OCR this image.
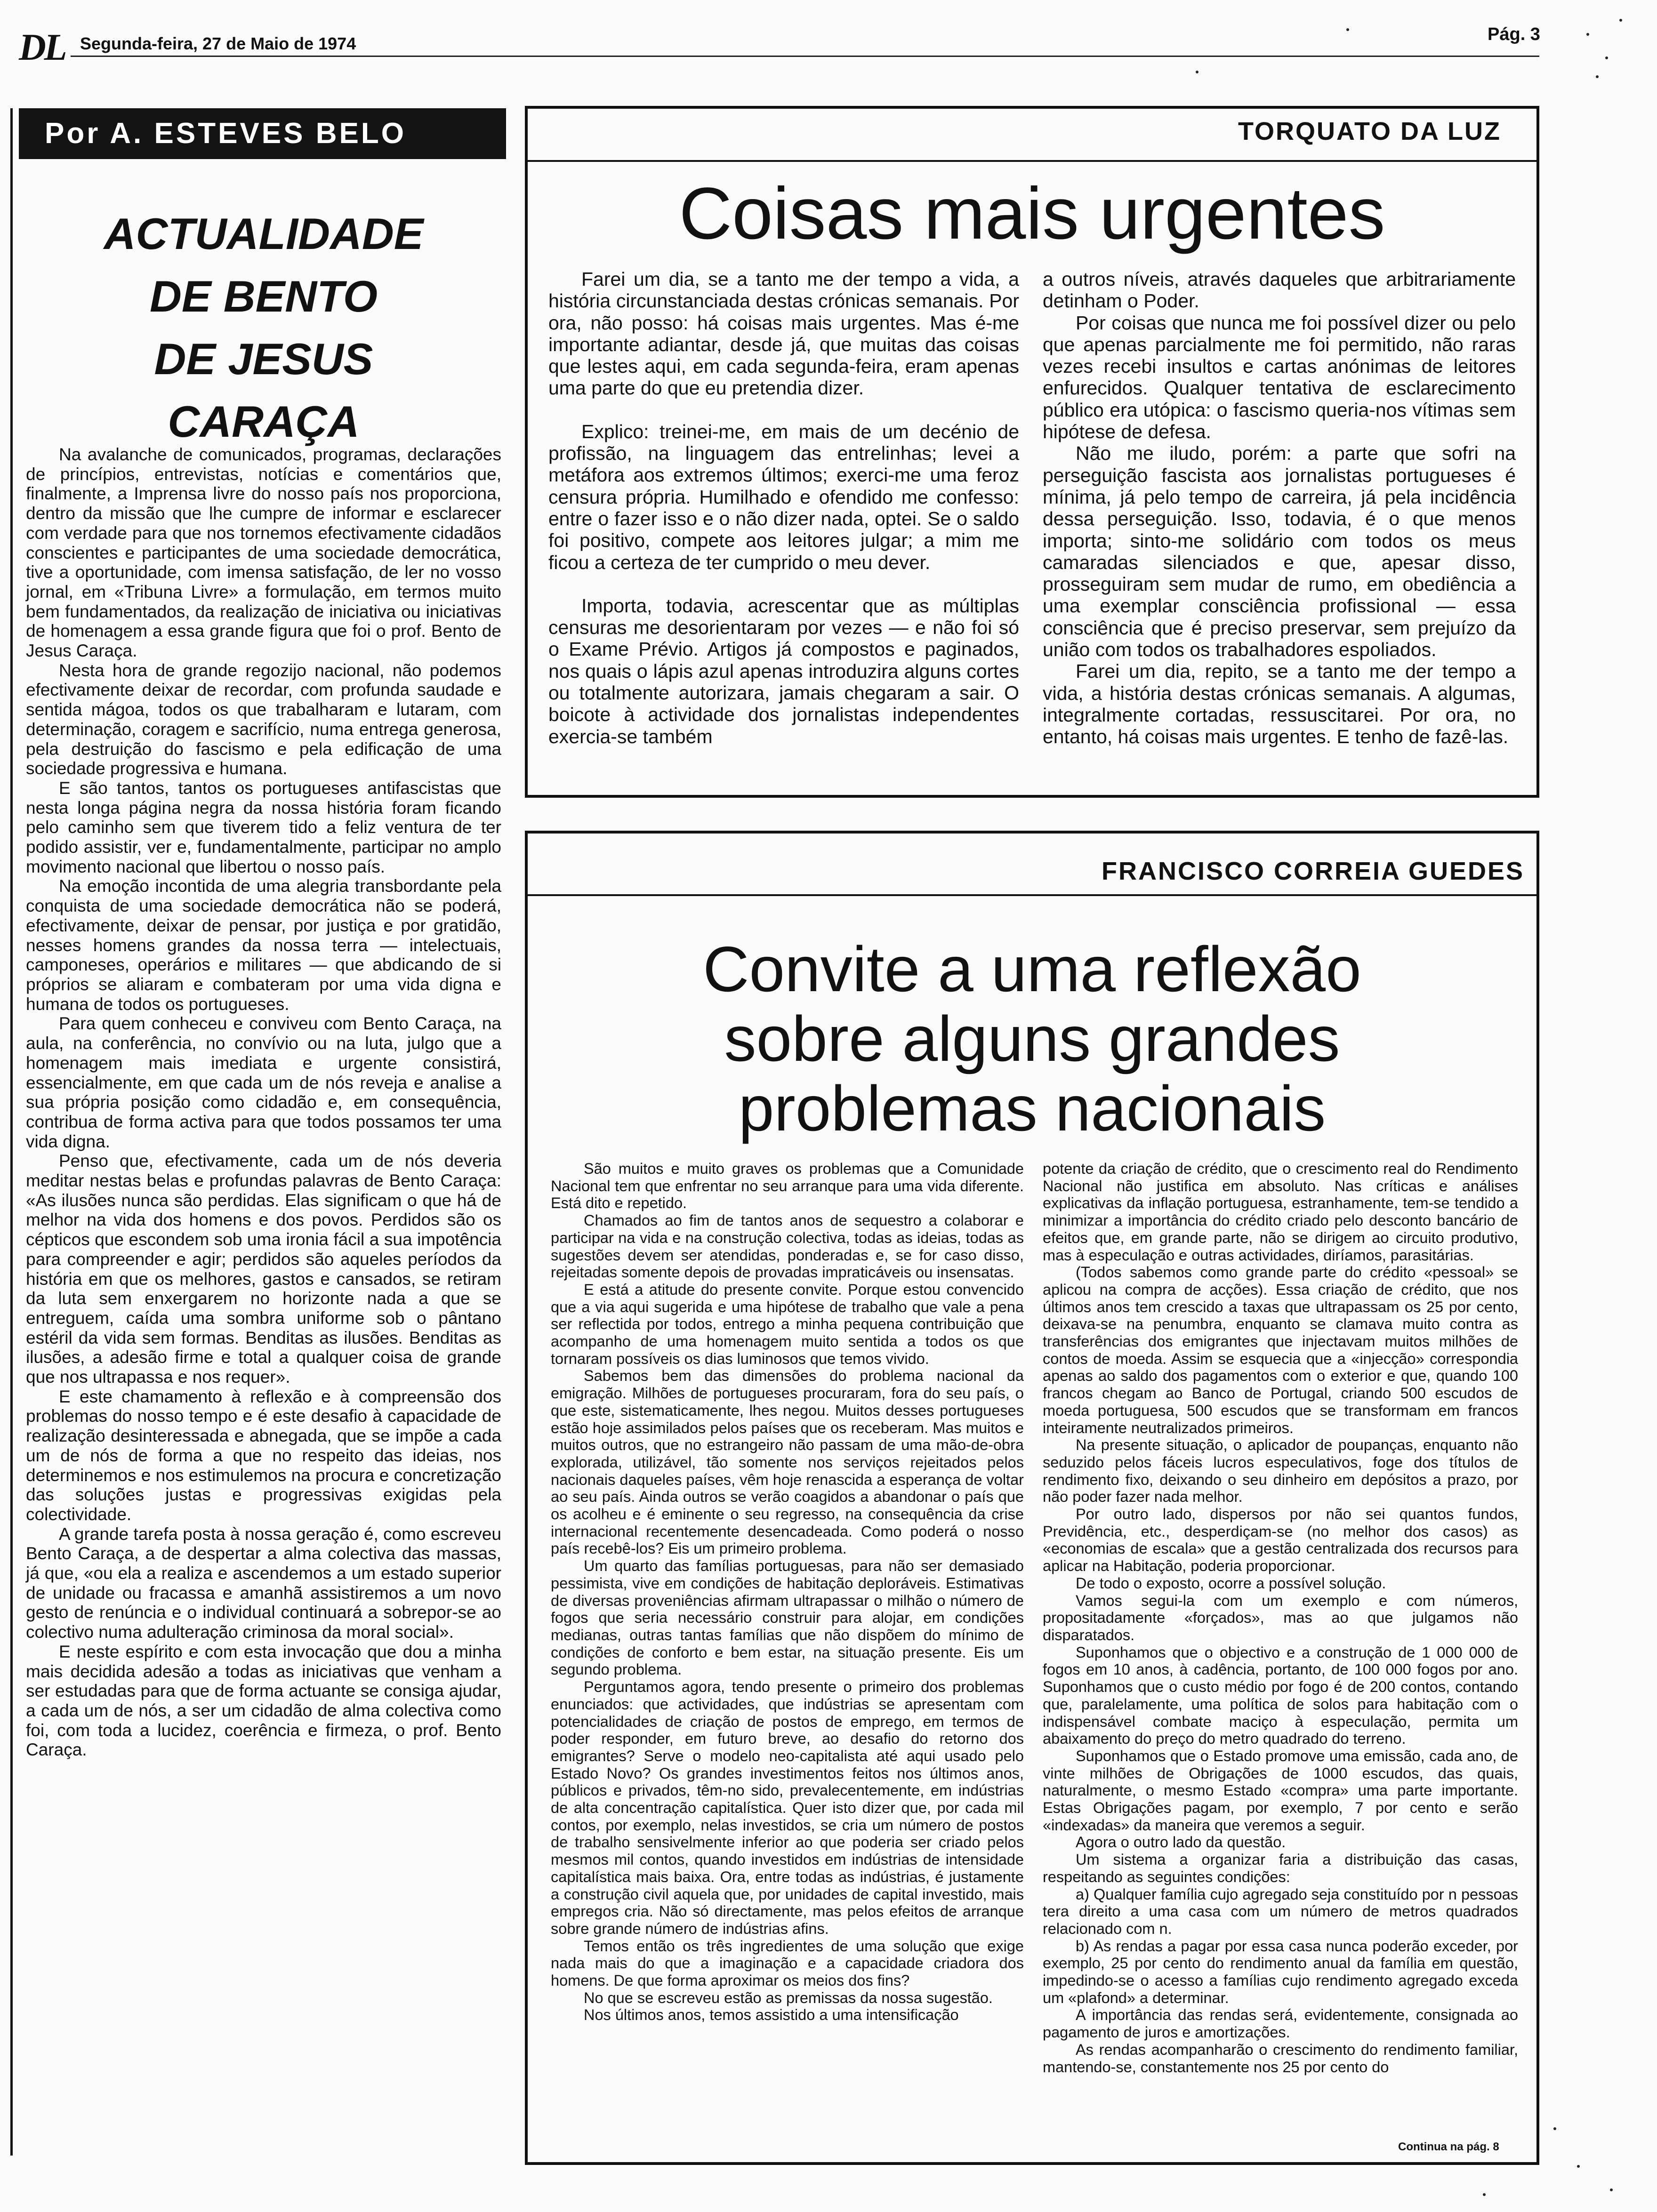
DL Segunda-feira, 27 de Maio de 1974	Pág. 3
Por A. ESTEVES BELO
ACTUALIDADE
DE BENTO
DE JESUS
CARAÇA

Na avalanche de comunicados, programas, declarações de princípios, entrevistas, notícias e comentários que, finalmente, a Imprensa livre do nosso país nos proporciona, dentro da missão que lhe cumpre de informar e esclarecer com verdade para que nos tornemos efectivamente cidadãos conscientes e participantes de uma sociedade democrática, tive a oportunidade, com imensa satisfação, de ler no vosso jornal, em «Tribuna Livre» a formulação, em termos muito bem fundamentados, da realização de iniciativa ou iniciativas de homenagem a essa grande figura que foi o prof. Bento de Jesus Caraça.

Nesta hora de grande regozijo nacional, não podemos efectivamente deixar de recordar, com profunda saudade e sentida mágoa, todos os que trabalharam e lutaram, com determinação, coragem e sacrifício, numa entrega generosa, pela destruição do fascismo e pela edificação de uma sociedade progressiva e humana.

E são tantos, tantos os portugueses antifascistas que nesta longa página negra da nossa história foram ficando pelo caminho sem que tiverem tido a feliz ventura de ter podido assistir, ver e, fundamentalmente, participar no amplo movimento nacional que libertou o nosso país.

Na emoção incontida de uma alegria transbordante pela conquista de uma sociedade democrática não se poderá, efectivamente, deixar de pensar, por justiça e por gratidão, nesses homens grandes da nossa terra — intelectuais, camponeses, operários e militares — que abdicando de si próprios se aliaram e combateram por uma vida digna e humana de todos os portugueses.

Para quem conheceu e conviveu com Bento Caraça, na aula, na conferência, no convívio ou na luta, julgo que a homenagem mais imediata e urgente consistirá, essencialmente, em que cada um de nós reveja e analise a sua própria posição como cidadão e, em consequência, contribua de forma activa para que todos possamos ter uma vida digna.

Penso que, efectivamente, cada um de nós deveria meditar nestas belas e profundas palavras de Bento Caraça: «As ilusões nunca são perdidas. Elas significam o que há de melhor na vida dos homens e dos povos. Perdidos são os cépticos que escondem sob uma ironia fácil a sua impotência para compreender e agir; perdidos são aqueles períodos da história em que os melhores, gastos e cansados, se retiram da luta sem enxergarem no horizonte nada a que se entreguem, caída uma sombra uniforme sob o pântano estéril da vida sem formas. Benditas as ilusões. Benditas as ilusões, a adesão firme e total a qualquer coisa de grande que nos ultrapassa e nos requer».

E este chamamento à reflexão e à compreensão dos problemas do nosso tempo e é este desafio à capacidade de realização desinteressada e abnegada, que se impõe a cada um de nós de forma a que no respeito das ideias, nos determinemos e nos estimulemos na procura e concretização das soluções justas e progressivas exigidas pela colectividade.

A grande tarefa posta à nossa geração é, como escreveu Bento Caraça, a de despertar a alma colectiva das massas, já que, «ou ela a realiza e ascendemos a um estado superior de unidade ou fracassa e amanhã assistiremos a um novo gesto de renúncia e o individual continuará a sobrepor-se ao colectivo numa adulteração criminosa da moral social».

E neste espírito e com esta invocação que dou a minha mais decidida adesão a todas as iniciativas que venham a ser estudadas para que de forma actuante se consiga ajudar, a cada um de nós, a ser um cidadão de alma colectiva como foi, com toda a lucidez, coerência e firmeza, o prof. Bento Caraça.

TORQUATO DA LUZ
Coisas mais urgentes

Farei um dia, se a tanto me der tempo a vida, a história circunstanciada destas crónicas semanais. Por ora, não posso: há coisas mais urgentes. Mas é-me importante adiantar, desde já, que muitas das coisas que lestes aqui, em cada segunda-feira, eram apenas uma parte do que eu pretendia dizer.

Explico: treinei-me, em mais de um decénio de profissão, na linguagem das entrelinhas; levei a metáfora aos extremos últimos; exerci-me uma feroz censura própria. Humilhado e ofendido me confesso: entre o fazer isso e o não dizer nada, optei. Se o saldo foi positivo, compete aos leitores julgar; a mim me ficou a certeza de ter cumprido o meu dever.

Importa, todavia, acrescentar que as múltiplas censuras me desorientaram por vezes — e não foi só o Exame Prévio. Artigos já compostos e paginados, nos quais o lápis azul apenas introduzira alguns cortes ou totalmente autorizara, jamais chegaram a sair. O boicote à actividade dos jornalistas independentes exercia-se também

a outros níveis, através daqueles que arbitrariamente detinham o Poder.

Por coisas que nunca me foi possível dizer ou pelo que apenas parcialmente me foi permitido, não raras vezes recebi insultos e cartas anónimas de leitores enfurecidos. Qualquer tentativa de esclarecimento público era utópica: o fascismo queria-nos vítimas sem hipótese de defesa.

Não me iludo, porém: a parte que sofri na perseguição fascista aos jornalistas portugueses é mínima, já pelo tempo de carreira, já pela incidência dessa perseguição. Isso, todavia, é o que menos importa; sinto-me solidário com todos os meus camaradas silenciados e que, apesar disso, prosseguiram sem mudar de rumo, em obediência a uma exemplar consciência profissional — essa consciência que é preciso preservar, sem prejuízo da união com todos os trabalhadores espoliados.

Farei um dia, repito, se a tanto me der tempo a vida, a história destas crónicas semanais. A algumas, integralmente cortadas, ressuscitarei. Por ora, no entanto, há coisas mais urgentes. E tenho de fazê-las.

FRANCISCO CORREIA GUEDES
Convite a uma reflexão
sobre alguns grandes
problemas nacionais

São muitos e muito graves os problemas que a Comunidade Nacional tem que enfrentar no seu arranque para uma vida diferente. Está dito e repetido.

Chamados ao fim de tantos anos de sequestro a colaborar e participar na vida e na construção colectiva, todas as ideias, todas as sugestões devem ser atendidas, ponderadas e, se for caso disso, rejeitadas somente depois de provadas impraticáveis ou insensatas.

E está a atitude do presente convite. Porque estou convencido que a via aqui sugerida e uma hipótese de trabalho que vale a pena ser reflectida por todos, entrego a minha pequena contribuição que acompanho de uma homenagem muito sentida a todos os que tornaram possíveis os dias luminosos que temos vivido.

Sabemos bem das dimensões do problema nacional da emigração. Milhões de portugueses procuraram, fora do seu país, o que este, sistematicamente, lhes negou. Muitos desses portugueses estão hoje assimilados pelos países que os receberam. Mas muitos e muitos outros, que no estrangeiro não passam de uma mão-de-obra explorada, utilizável, tão somente nos serviços rejeitados pelos nacionais daqueles países, vêm hoje renascida a esperança de voltar ao seu país. Ainda outros se verão coagidos a abandonar o país que os acolheu e é eminente o seu regresso, na consequência da crise internacional recentemente desencadeada. Como poderá o nosso país recebê-los? Eis um primeiro problema.

Um quarto das famílias portuguesas, para não ser demasiado pessimista, vive em condições de habitação deploráveis. Estimativas de diversas proveniências afirmam ultrapassar o milhão o número de fogos que seria necessário construir para alojar, em condições medianas, outras tantas famílias que não dispõem do mínimo de condições de conforto e bem estar, na situação presente. Eis um segundo problema.

Perguntamos agora, tendo presente o primeiro dos problemas enunciados: que actividades, que indústrias se apresentam com potencialidades de criação de postos de emprego, em termos de poder responder, em futuro breve, ao desafio do retorno dos emigrantes? Serve o modelo neo-capitalista até aqui usado pelo Estado Novo? Os grandes investimentos feitos nos últimos anos, públicos e privados, têm-no sido, prevalecentemente, em indústrias de alta concentração capitalística. Quer isto dizer que, por cada mil contos, por exemplo, nelas investidos, se cria um número de postos de trabalho sensivelmente inferior ao que poderia ser criado pelos mesmos mil contos, quando investidos em indústrias de intensidade capitalística mais baixa. Ora, entre todas as indústrias, é justamente a construção civil aquela que, por unidades de capital investido, mais empregos cria. Não só directamente, mas pelos efeitos de arranque sobre grande número de indústrias afins.

Temos então os três ingredientes de uma solução que exige nada mais do que a imaginação e a capacidade criadora dos homens. De que forma aproximar os meios dos fins?

No que se escreveu estão as premissas da nossa sugestão.

Nos últimos anos, temos assistido a uma intensificação

potente da criação de crédito, que o crescimento real do Rendimento Nacional não justifica em absoluto. Nas críticas e análises explicativas da inflação portuguesa, estranhamente, tem-se tendido a minimizar a importância do crédito criado pelo desconto bancário de efeitos que, em grande parte, não se dirigem ao circuito produtivo, mas à especulação e outras actividades, diríamos, parasitárias.

(Todos sabemos como grande parte do crédito «pessoal» se aplicou na compra de acções). Essa criação de crédito, que nos últimos anos tem crescido a taxas que ultrapassam os 25 por cento, deixava-se na penumbra, enquanto se clamava muito contra as transferências dos emigrantes que injectavam muitos milhões de contos de moeda. Assim se esquecia que a «injecção» correspondia apenas ao saldo dos pagamentos com o exterior e que, quando 100 francos chegam ao Banco de Portugal, criando 500 escudos de moeda portuguesa, 500 escudos que se transformam em francos inteiramente neutralizados primeiros.

Na presente situação, o aplicador de poupanças, enquanto não seduzido pelos fáceis lucros especulativos, foge dos títulos de rendimento fixo, deixando o seu dinheiro em depósitos a prazo, por não poder fazer nada melhor.

Por outro lado, dispersos por não sei quantos fundos, Previdência, etc., desperdiçam-se (no melhor dos casos) as «economias de escala» que a gestão centralizada dos recursos para aplicar na Habitação, poderia proporcionar.

De todo o exposto, ocorre a possível solução.

Vamos segui-la com um exemplo e com números, propositadamente «forçados», mas ao que julgamos não disparatados.

Suponhamos que o objectivo e a construção de 1 000 000 de fogos em 10 anos, à cadência, portanto, de 100 000 fogos por ano. Suponhamos que o custo médio por fogo é de 200 contos, contando que, paralelamente, uma política de solos para habitação com o indispensável combate maciço à especulação, permita um abaixamento do preço do metro quadrado do terreno.

Suponhamos que o Estado promove uma emissão, cada ano, de vinte milhões de Obrigações de 1000 escudos, das quais, naturalmente, o mesmo Estado «compra» uma parte importante. Estas Obrigações pagam, por exemplo, 7 por cento e serão «indexadas» da maneira que veremos a seguir.

Agora o outro lado da questão.

Um sistema a organizar faria a distribuição das casas, respeitando as seguintes condições:

a) Qualquer família cujo agregado seja constituído por n pessoas tera direito a uma casa com um número de metros quadrados relacionado com n.

b) As rendas a pagar por essa casa nunca poderão exceder, por exemplo, 25 por cento do rendimento anual da família em questão, impedindo-se o acesso a famílias cujo rendimento agregado exceda um «plafond» a determinar.

A importância das rendas será, evidentemente, consignada ao pagamento de juros e amortizações.

As rendas acompanharão o crescimento do rendimento familiar, mantendo-se, constantemente nos 25 por cento do

Continua na pág. 8
